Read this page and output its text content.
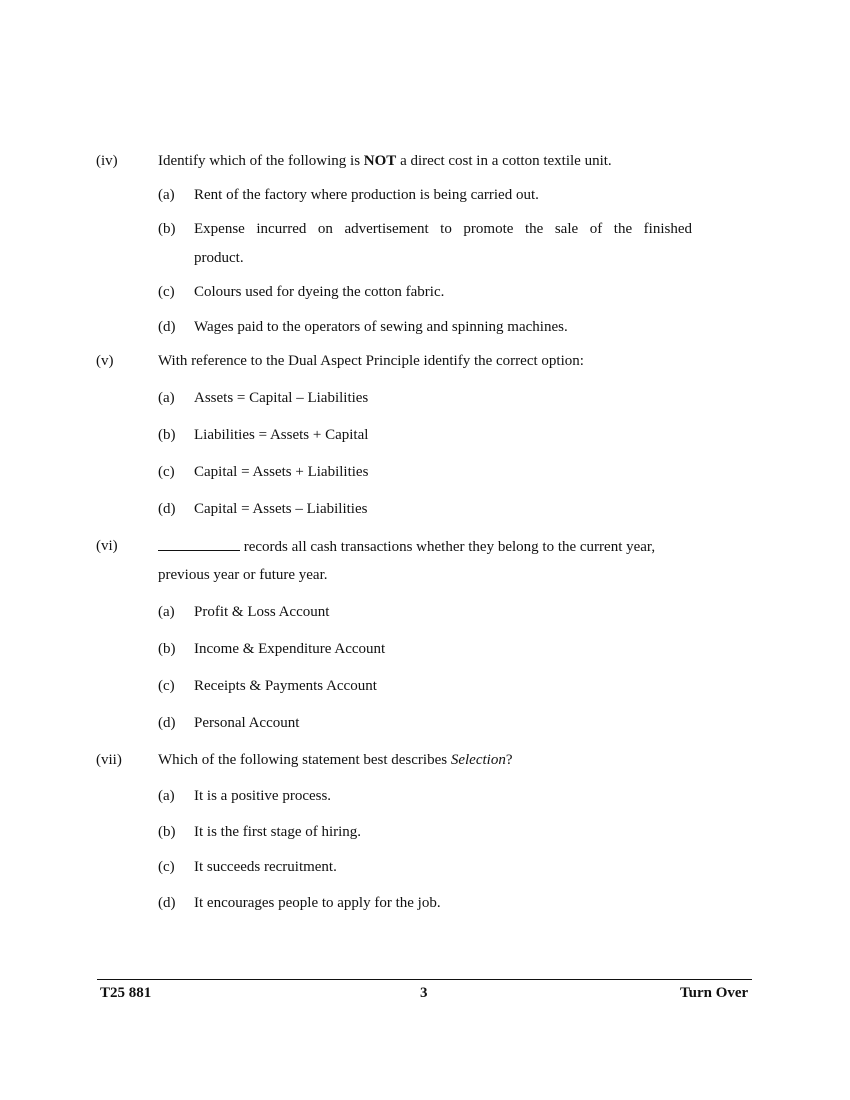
(iv)	Identify which of the following is NOT a direct cost in a cotton textile unit.
(a) Rent of the factory where production is being carried out.
(b) Expense incurred on advertisement to promote the sale of the finished
product.
(c) Colours used for dyeing the cotton fabric.
(d) Wages paid to the operators of sewing and spinning machines.
(v)	With reference to the Dual Aspect Principle identify the correct option:
(a) Assets = Capital – Liabilities
(b) Liabilities = Assets + Capital
(c) Capital = Assets + Liabilities
(d) Capital = Assets – Liabilities
(vi)	records all cash transactions whether they belong to the current year,
previous year or future year.
(a) Profit & Loss Account
(b) Income & Expenditure Account
(c) Receipts & Payments Account
(d) Personal Account
(vii) Which of the following statement best describes Selection?
(a) It is a positive process.
(b) It is the first stage of hiring.
(c) It succeeds recruitment.
(d) It encourages people to apply for the job.
T25 881	3	Turn Over
